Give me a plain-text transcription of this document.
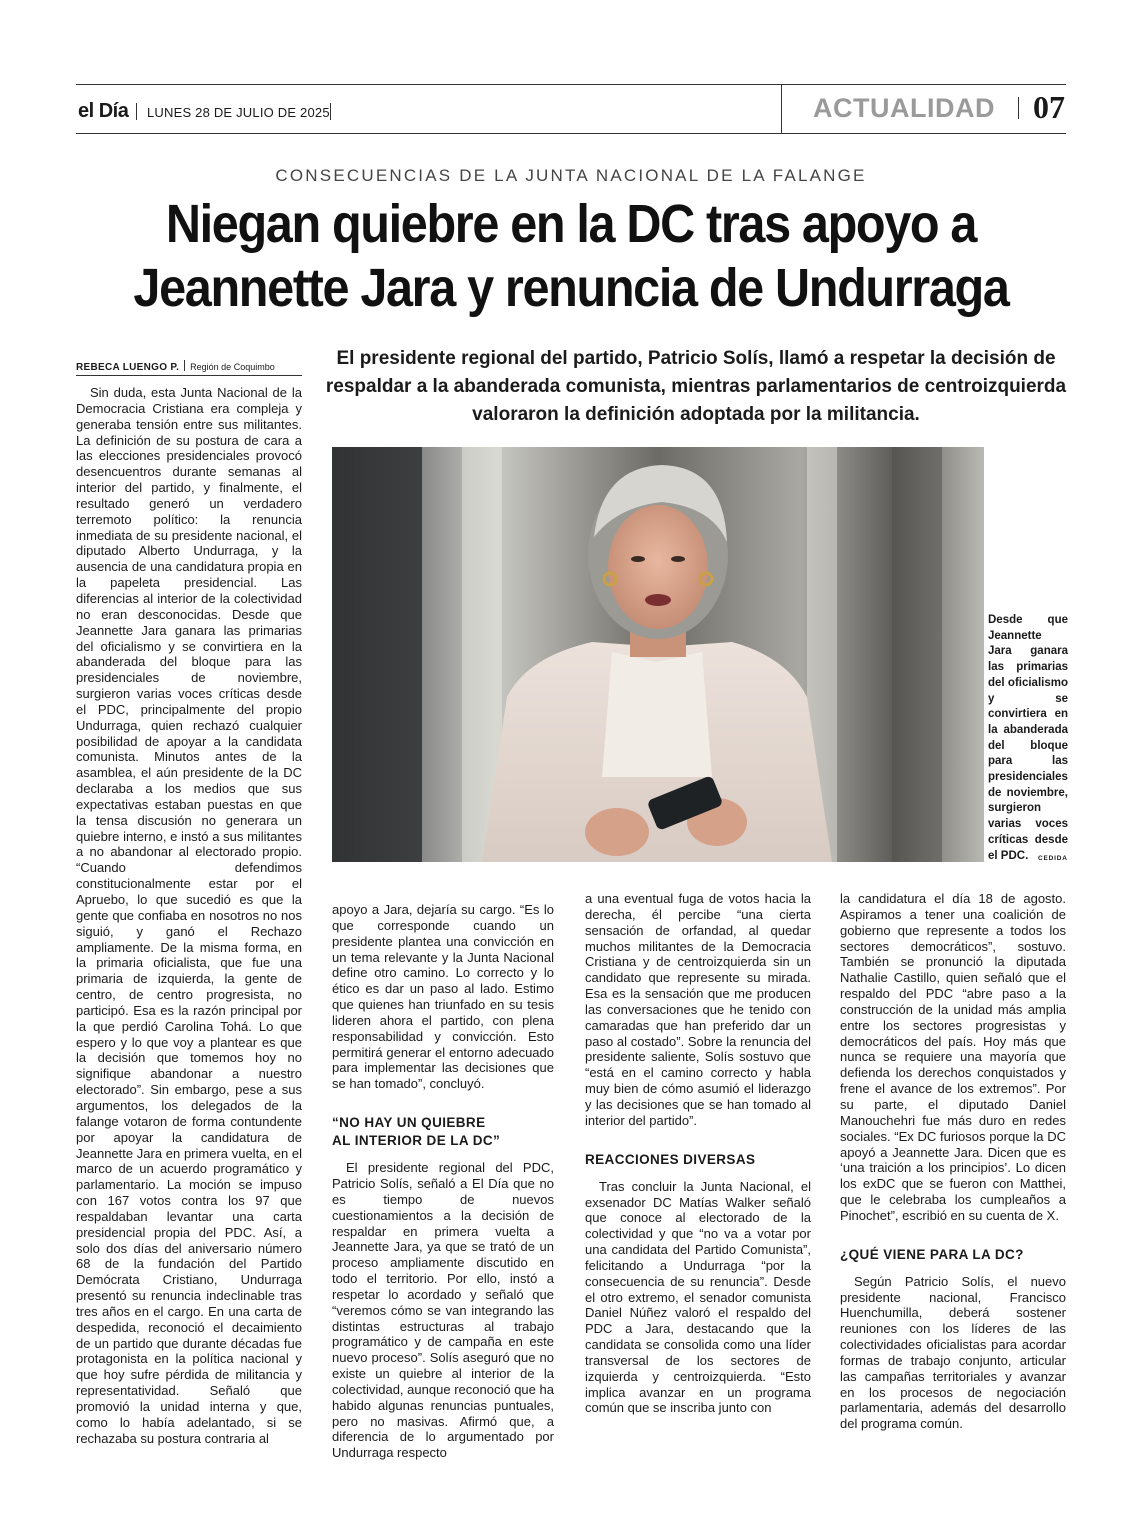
el Día LUNES 28 DE JULIO DE 2025	ACTUALIDAD 07
CONSECUENCIAS DE LA JUNTA NACIONAL DE LA FALANGE
Niegan quiebre en la DC tras apoyo a
Jeannette Jara y renuncia de Undurraga
El presidente regional del partido, Patricio Solís, llamó a respetar la decisión de respaldar a la abanderada comunista, mientras parlamentarios de centroizquierda valoraron la definición adoptada por la militancia.
REBECA LUENGO P. Región de Coquimbo

Sin duda, esta Junta Nacional de la Democracia Cristiana era compleja y generaba tensión entre sus militantes. La definición de su postura de cara a las elecciones presidenciales provocó desencuentros durante semanas al interior del partido, y finalmente, el resultado generó un verdadero terremoto político: la renuncia inmediata de su presidente nacional, el diputado Alberto Undurraga, y la ausencia de una candidatura propia en la papeleta presidencial. Las diferencias al interior de la colectividad no eran desconocidas. Desde que Jeannette Jara ganara las primarias del oficialismo y se convirtiera en la abanderada del bloque para las presidenciales de noviembre, surgieron varias voces críticas desde el PDC, principalmente del propio Undurraga, quien rechazó cualquier posibilidad de apoyar a la candidata comunista. Minutos antes de la asamblea, el aún presidente de la DC declaraba a los medios que sus expectativas estaban puestas en que la tensa discusión no generara un quiebre interno, e instó a sus militantes a no abandonar al electorado propio. “Cuando defendimos constitucionalmente estar por el Apruebo, lo que sucedió es que la gente que confiaba en nosotros no nos siguió, y ganó el Rechazo ampliamente. De la misma forma, en la primaria oficialista, que fue una primaria de izquierda, la gente de centro, de centro progresista, no participó. Esa es la razón principal por la que perdió Carolina Tohá. Lo que espero y lo que voy a plantear es que la decisión que tomemos hoy no signifique abandonar a nuestro electorado”. Sin embargo, pese a sus argumentos, los delegados de la falange votaron de forma contundente por apoyar la candidatura de Jeannette Jara en primera vuelta, en el marco de un acuerdo programático y parlamentario. La moción se impuso con 167 votos contra los 97 que respaldaban levantar una carta presidencial propia del PDC. Así, a solo dos días del aniversario número 68 de la fundación del Partido Demócrata Cristiano, Undurraga presentó su renuncia indeclinable tras tres años en el cargo. En una carta de despedida, reconoció el decaimiento de un partido que durante décadas fue protagonista en la política nacional y que hoy sufre pérdida de militancia y representatividad. Señaló que promovió la unidad interna y que, como lo había adelantado, si se rechazaba su postura contraria al

Desde que Jeannette Jara ganara las primarias del oficialismo y se convirtiera en la abanderada del bloque para las presidenciales de noviembre, surgieron varias voces críticas desde el PDC.	CEDIDA

apoyo a Jara, dejaría su cargo. “Es lo que corresponde cuando un presidente plantea una convicción en un tema relevante y la Junta Nacional define otro camino. Lo correcto y lo ético es dar un paso al lado. Estimo que quienes han triunfado en su tesis lideren ahora el partido, con plena responsabilidad y convicción. Esto permitirá generar el entorno adecuado para implementar las decisiones que se han tomado”, concluyó.

“NO HAY UN QUIEBRE
AL INTERIOR DE LA DC”

El presidente regional del PDC, Patricio Solís, señaló a El Día que no es tiempo de nuevos cuestionamientos a la decisión de respaldar en primera vuelta a Jeannette Jara, ya que se trató de un proceso ampliamente discutido en todo el territorio. Por ello, instó a respetar lo acordado y señaló que “veremos cómo se van integrando las distintas estructuras al trabajo programático y de campaña en este nuevo proceso”. Solís aseguró que no existe un quiebre al interior de la colectividad, aunque reconoció que ha habido algunas renuncias puntuales, pero no masivas. Afirmó que, a diferencia de lo argumentado por Undurraga respecto

a una eventual fuga de votos hacia la derecha, él percibe “una cierta sensación de orfandad, al quedar muchos militantes de la Democracia Cristiana y de centroizquierda sin un candidato que represente su mirada. Esa es la sensación que me producen las conversaciones que he tenido con camaradas que han preferido dar un paso al costado”. Sobre la renuncia del presidente saliente, Solís sostuvo que “está en el camino correcto y habla muy bien de cómo asumió el liderazgo y las decisiones que se han tomado al interior del partido”.

REACCIONES DIVERSAS

Tras concluir la Junta Nacional, el exsenador DC Matías Walker señaló que conoce al electorado de la colectividad y que “no va a votar por una candidata del Partido Comunista”, felicitando a Undurraga “por la consecuencia de su renuncia”. Desde el otro extremo, el senador comunista Daniel Núñez valoró el respaldo del PDC a Jara, destacando que la candidata se consolida como una líder transversal de los sectores de izquierda y centroizquierda. “Esto implica avanzar en un programa común que se inscriba junto con

la candidatura el día 18 de agosto. Aspiramos a tener una coalición de gobierno que represente a todos los sectores democráticos”, sostuvo. También se pronunció la diputada Nathalie Castillo, quien señaló que el respaldo del PDC “abre paso a la construcción de la unidad más amplia entre los sectores progresistas y democráticos del país. Hoy más que nunca se requiere una mayoría que defienda los derechos conquistados y frene el avance de los extremos”. Por su parte, el diputado Daniel Manouchehri fue más duro en redes sociales. “Ex DC furiosos porque la DC apoyó a Jeannette Jara. Dicen que es ‘una traición a los principios’. Lo dicen los exDC que se fueron con Matthei, que le celebraba los cumpleaños a Pinochet”, escribió en su cuenta de X.

¿QUÉ VIENE PARA LA DC?

Según Patricio Solís, el nuevo presidente nacional, Francisco Huenchumilla, deberá sostener reuniones con los líderes de las colectividades oficialistas para acordar formas de trabajo conjunto, articular las campañas territoriales y avanzar en los procesos de negociación parlamentaria, además del desarrollo del programa común.
